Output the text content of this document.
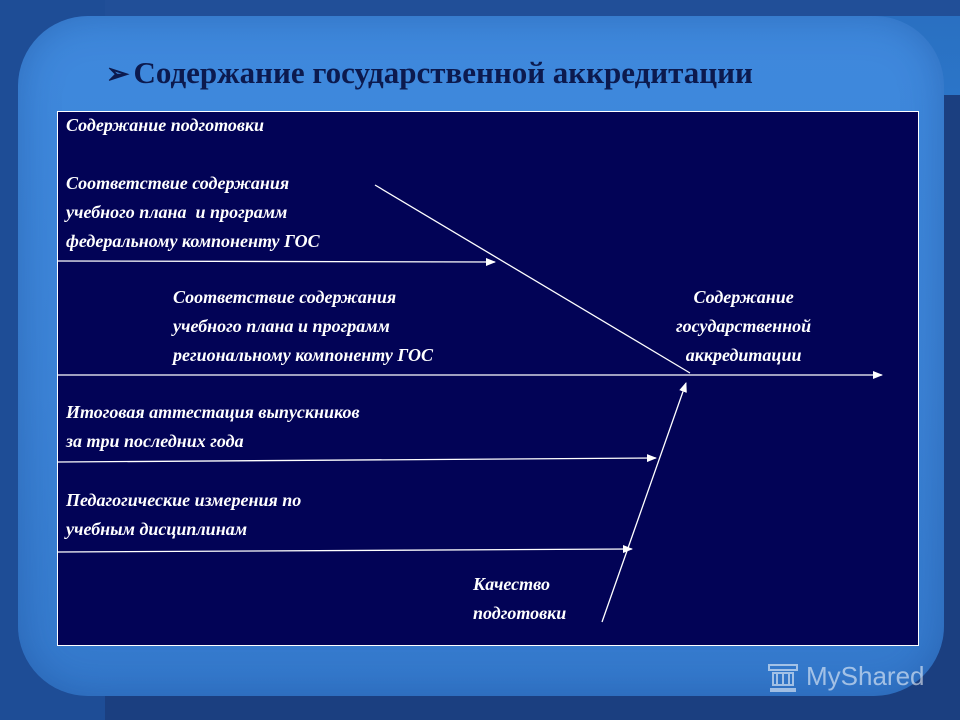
➢ Содержание государственной аккредитации
Содержание подготовки
Соответствие содержания
учебного плана  и программ
федеральному компоненту ГОС
Соответствие содержания
учебного плана и программ
региональному компоненту ГОС
Содержание
государственной
аккредитации
Итоговая аттестация выпускников
за три последних года
Педагогические измерения по
учебным дисциплинам
Качество
подготовки
MyShared
